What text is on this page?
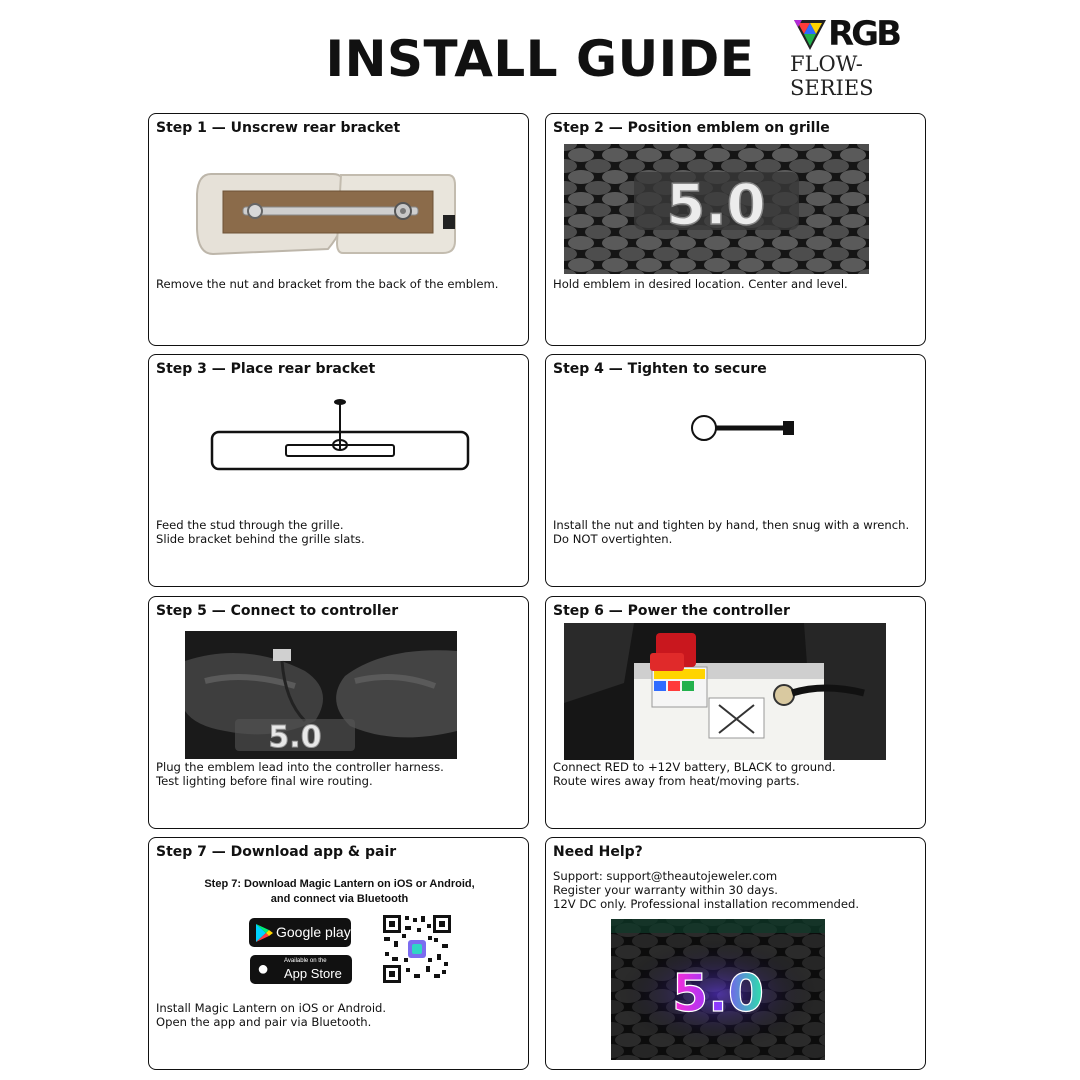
INSTALL GUIDE	RGB
FLOW-SERIES
Step 1 — Unscrew rear bracket
Remove the nut and bracket from the back of the emblem.
Step 2 — Position emblem on grille
5.0
Hold emblem in desired location. Center and level.
Step 3 — Place rear bracket
Feed the stud through the grille.
Slide bracket behind the grille slats.
Step 4 — Tighten to secure
Install the nut and tighten by hand, then snug with a wrench.
Do NOT overtighten.
Step 5 — Connect to controller
5.0
Plug the emblem lead into the controller harness.
Test lighting before final wire routing.
Step 6 — Power the controller
Connect RED to +12V battery, BLACK to ground.
Route wires away from heat/moving parts.
Step 7 — Download app & pair
Step 7: Download Magic Lantern on iOS or Android,
and connect via Bluetooth
Google play
● Available on the
App Store
Install Magic Lantern on iOS or Android.
Open the app and pair via Bluetooth.
Need Help?
Support: support@theautojeweler.com
Register your warranty within 30 days.
12V DC only. Professional installation recommended.
5.0
